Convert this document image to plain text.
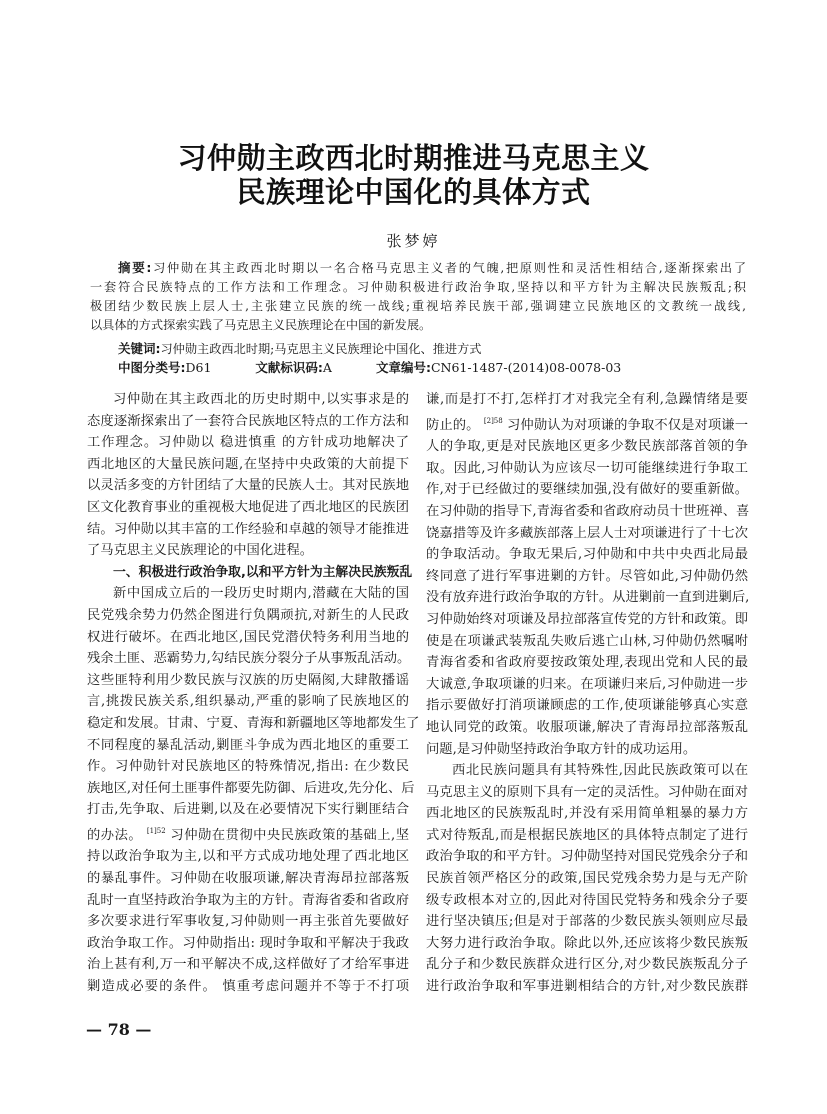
习仲勋主政西北时期推进马克思主义
民族理论中国化的具体方式
张梦婷
摘要:习仲勋在其主政西北时期以一名合格马克思主义者的气魄,把原则性和灵活性相结合,逐渐探索出了
一套符合民族特点的工作方法和工作理念。习仲勋积极进行政治争取,坚持以和平方针为主解决民族叛乱;积
极团结少数民族上层人士,主张建立民族的统一战线;重视培养民族干部,强调建立民族地区的文教统一战线,
以具体的方式探索实践了马克思主义民族理论在中国的新发展。
关键词:习仲勋主政西北时期;马克思主义民族理论中国化、推进方式
中图分类号:D61	文献标识码:A	文章编号:CN61-1487-(2014)08-0078-03
习仲勋在其主政西北的历史时期中,以实事求是的
态度逐渐探索出了一套符合民族地区特点的工作方法和
工作理念。习仲勋以 稳进慎重 的方针成功地解决了
西北地区的大量民族问题,在坚持中央政策的大前提下
以灵活多变的方针团结了大量的民族人士。其对民族地
区文化教育事业的重视极大地促进了西北地区的民族团
结。习仲勋以其丰富的工作经验和卓越的领导才能推进
了马克思主义民族理论的中国化进程。
一、积极进行政治争取,以和平方针为主解决民族叛乱
新中国成立后的一段历史时期内,潜藏在大陆的国
民党残余势力仍然企图进行负隅顽抗,对新生的人民政
权进行破坏。在西北地区,国民党潜伏特务利用当地的
残余土匪、恶霸势力,勾结民族分裂分子从事叛乱活动。
这些匪特利用少数民族与汉族的历史隔阂,大肆散播谣
言,挑拨民族关系,组织暴动,严重的影响了民族地区的
稳定和发展。甘肃、宁夏、青海和新疆地区等地都发生了
不同程度的暴乱活动,剿匪斗争成为西北地区的重要工
作。习仲勋针对民族地区的特殊情况,指出: 在少数民
族地区,对任何土匪事件都要先防御、后进攻,先分化、后
打击,先争取、后进剿,以及在必要情况下实行剿匪结合
的办法。 $^{[1]52}$ 习仲勋在贯彻中央民族政策的基础上,坚
持以政治争取为主,以和平方式成功地处理了西北地区
的暴乱事件。习仲勋在收服项谦,解决青海昂拉部落叛
乱时一直坚持政治争取为主的方针。青海省委和省政府
多次要求进行军事收复,习仲勋则一再主张首先要做好
政治争取工作。习仲勋指出: 现时争取和平解决于我政
治上甚有利,万一和平解决不成,这样做好了才给军事进
剿造成必要的条件。 慎重考虑问题并不等于不打项
谦,而是打不打,怎样打才对我完全有利,急躁情绪是要
防止的。 $^{[2]58}$ 习仲勋认为对项谦的争取不仅是对项谦一
人的争取,更是对民族地区更多少数民族部落首领的争
取。因此,习仲勋认为应该尽一切可能继续进行争取工
作,对于已经做过的要继续加强,没有做好的要重新做。
在习仲勋的指导下,青海省委和省政府动员十世班禅、喜
饶嘉措等及许多藏族部落上层人士对项谦进行了十七次
的争取活动。争取无果后,习仲勋和中共中央西北局最
终同意了进行军事进剿的方针。尽管如此,习仲勋仍然
没有放弃进行政治争取的方针。从进剿前一直到进剿后,
习仲勋始终对项谦及昂拉部落宣传党的方针和政策。即
使是在项谦武装叛乱失败后逃亡山林,习仲勋仍然嘱咐
青海省委和省政府要按政策处理,表现出党和人民的最
大诚意,争取项谦的归来。在项谦归来后,习仲勋进一步
指示要做好打消项谦顾虑的工作,使项谦能够真心实意
地认同党的政策。收服项谦,解决了青海昂拉部落叛乱
问题,是习仲勋坚持政治争取方针的成功运用。
西北民族问题具有其特殊性,因此民族政策可以在
马克思主义的原则下具有一定的灵活性。习仲勋在面对
西北地区的民族叛乱时,并没有采用简单粗暴的暴力方
式对待叛乱,而是根据民族地区的具体特点制定了进行
政治争取的和平方针。习仲勋坚持对国民党残余分子和
民族首领严格区分的政策,国民党残余势力是与无产阶
级专政根本对立的,因此对待国民党特务和残余分子要
进行坚决镇压;但是对于部落的少数民族头领则应尽最
大努力进行政治争取。除此以外,还应该将少数民族叛
乱分子和少数民族群众进行区分,对少数民族叛乱分子
进行政治争取和军事进剿相结合的方针,对少数民族群
— 78 —
